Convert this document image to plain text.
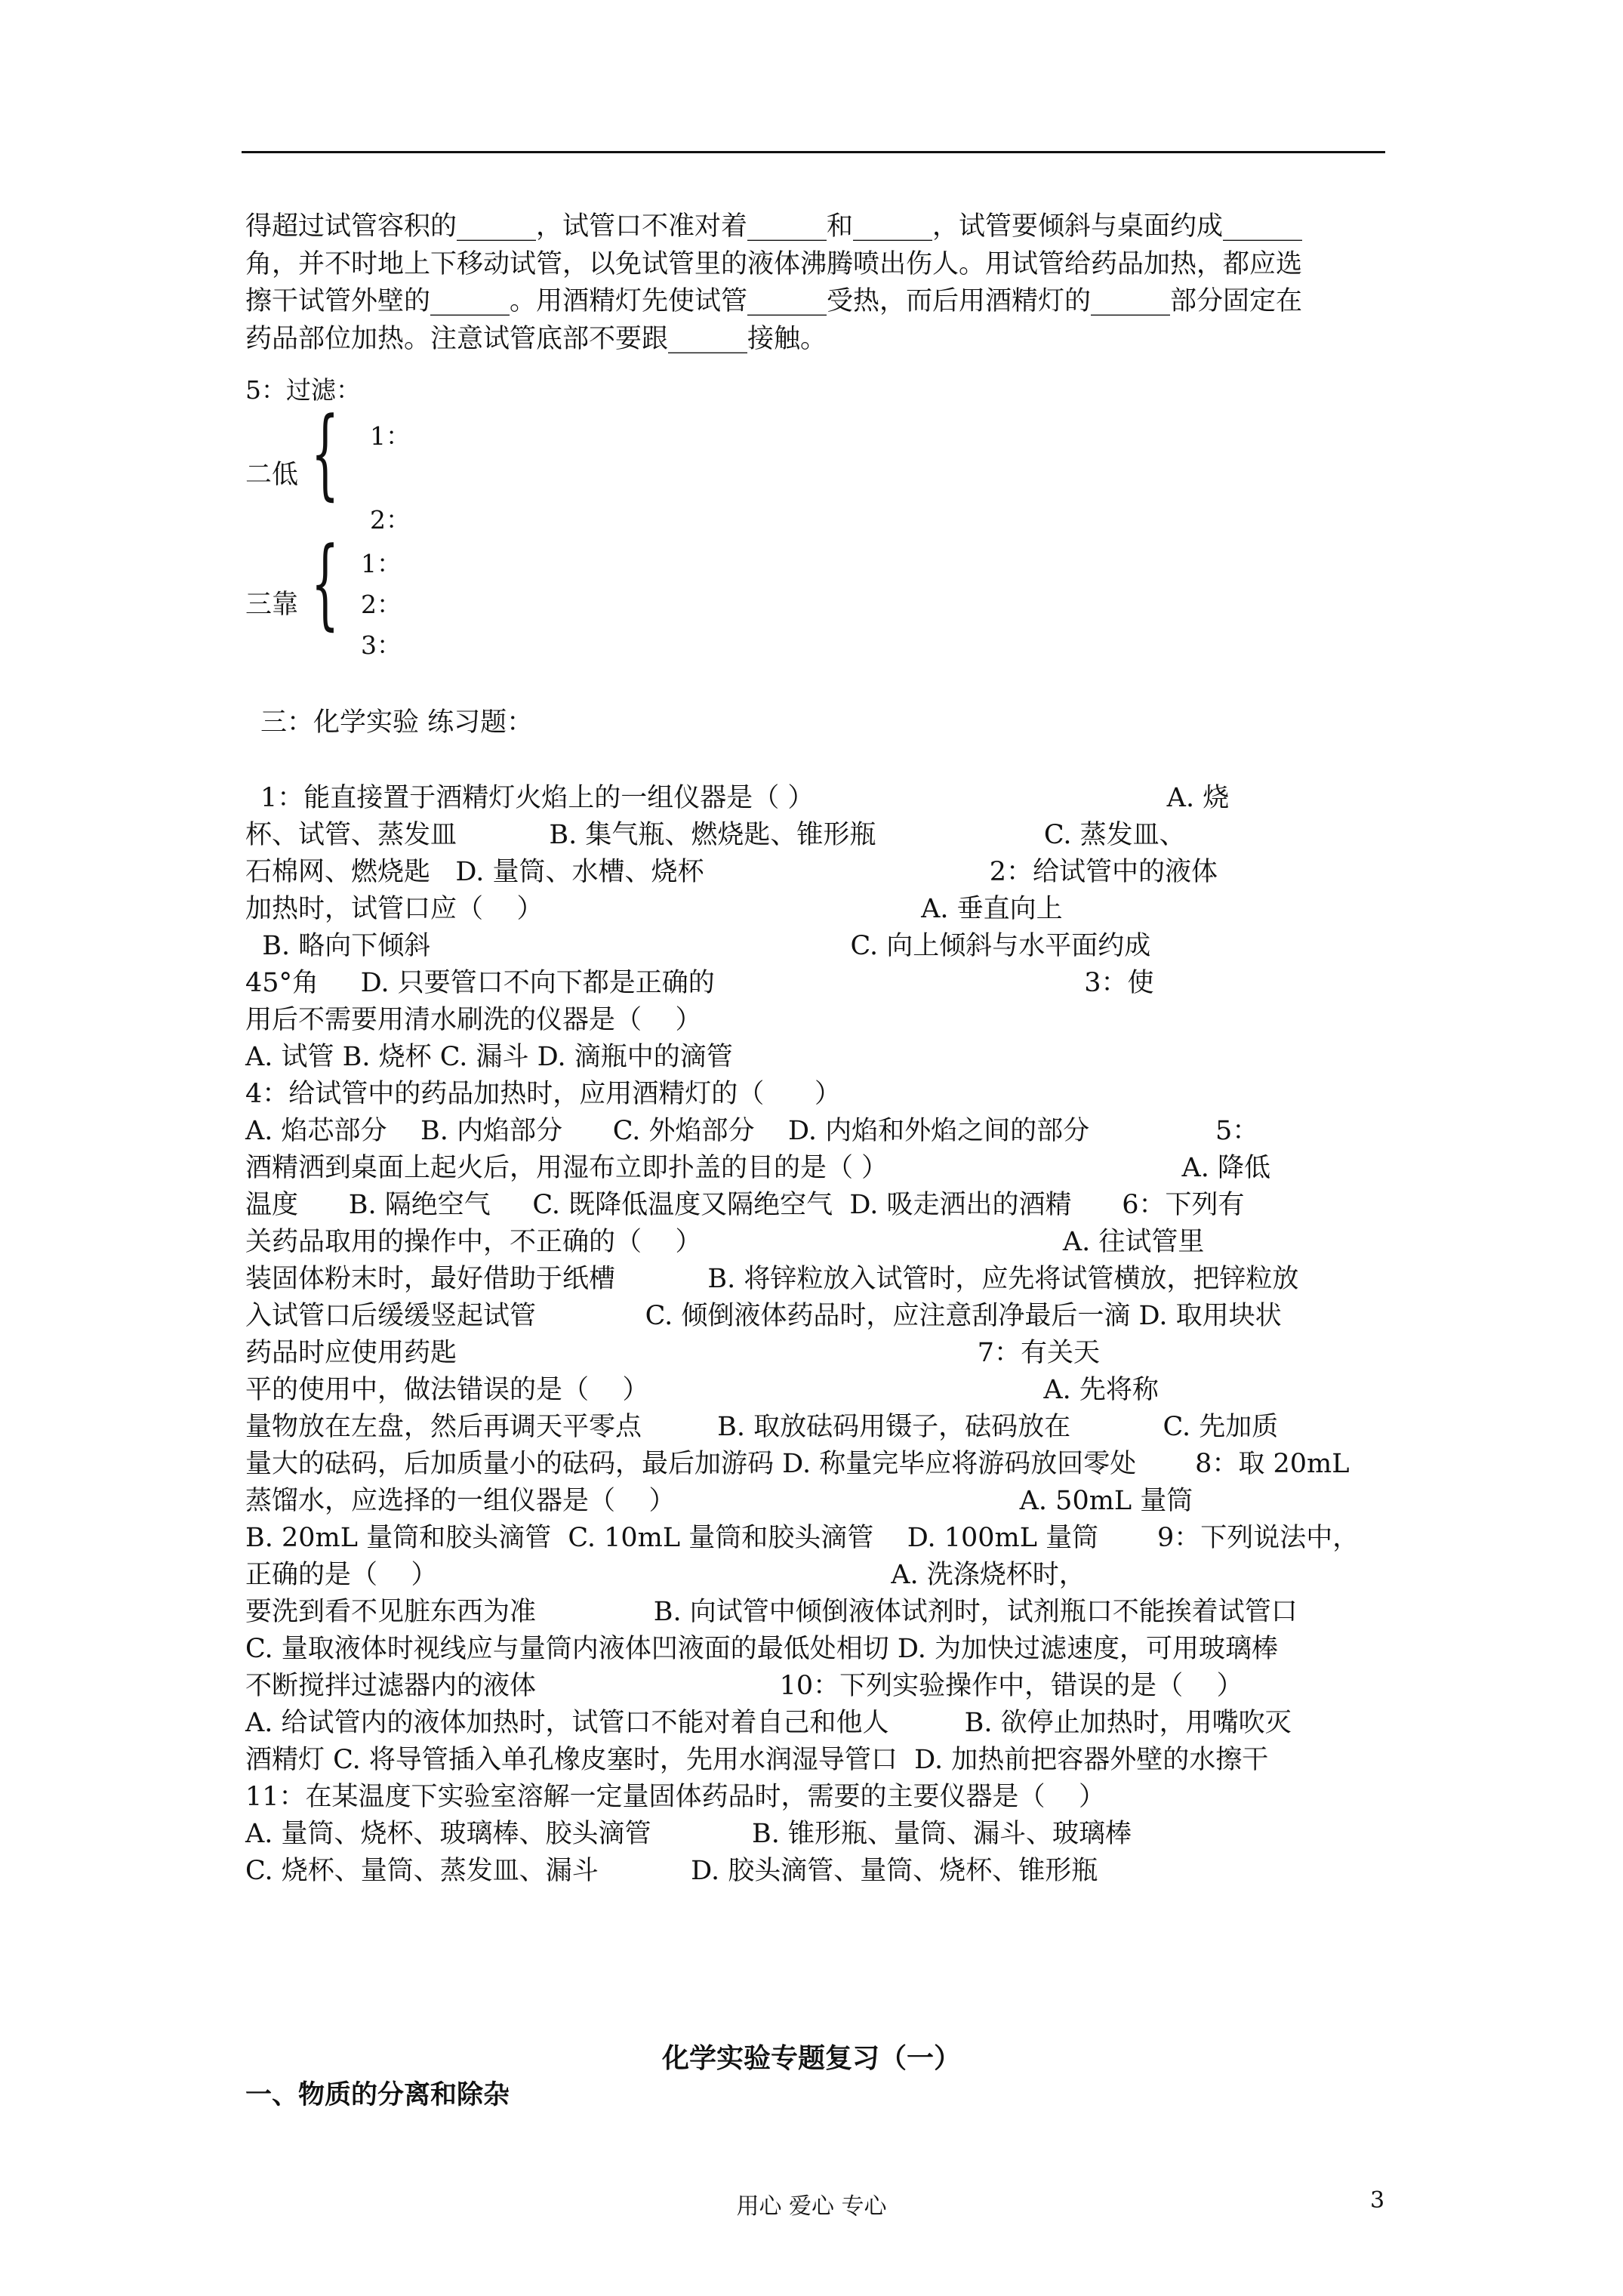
得超过试管容积的______，试管口不准对着______和______，试管要倾斜与桌面约成______
角，并不时地上下移动试管，以免试管里的液体沸腾喷出伤人。用试管给药品加热，都应选
擦干试管外壁的______。用酒精灯先使试管______受热，而后用酒精灯的______部分固定在
药品部位加热。注意试管底部不要跟______接触。
5：过滤：
二低 { 1：
2：
三靠 { 1：
2：
3：
三：化学实验 练习题：
1：能直接置于酒精灯火焰上的一组仪器是（ ）                                          A. 烧
杯、试管、蒸发皿           B. 集气瓶、燃烧匙、锥形瓶                    C. 蒸发皿、
石棉网、燃烧匙   D. 量筒、水槽、烧杯                                  2：给试管中的液体
加热时，试管口应（    ）                                             A. 垂直向上
B. 略向下倾斜                                                  C. 向上倾斜与水平面约成
45°角     D. 只要管口不向下都是正确的                                            3：使
用后不需要用清水刷洗的仪器是（    ）
A. 试管 B. 烧杯 C. 漏斗 D. 滴瓶中的滴管
4：给试管中的药品加热时，应用酒精灯的（      ）
A. 焰芯部分    B. 内焰部分      C. 外焰部分    D. 内焰和外焰之间的部分               5：
酒精洒到桌面上起火后，用湿布立即扑盖的目的是（ ）                                   A. 降低
温度      B. 隔绝空气     C. 既降低温度又隔绝空气  D. 吸走洒出的酒精      6：下列有
关药品取用的操作中，不正确的（    ）                                           A. 往试管里
装固体粉末时，最好借助于纸槽           B. 将锌粒放入试管时，应先将试管横放，把锌粒放
入试管口后缓缓竖起试管             C. 倾倒液体药品时，应注意刮净最后一滴 D. 取用块状
药品时应使用药匙                                                              7：有关天
平的使用中，做法错误的是（    ）                                               A. 先将称
量物放在左盘，然后再调天平零点         B. 取放砝码用镊子，砝码放在           C. 先加质
量大的砝码，后加质量小的砝码，最后加游码 D. 称量完毕应将游码放回零处       8：取 20mL
蒸馏水，应选择的一组仪器是（    ）                                         A. 50mL 量筒
B. 20mL 量筒和胶头滴管  C. 10mL 量筒和胶头滴管    D. 100mL 量筒       9：下列说法中，
正确的是（    ）                                                      A. 洗涤烧杯时，
要洗到看不见脏东西为准              B. 向试管中倾倒液体试剂时，试剂瓶口不能挨着试管口
C. 量取液体时视线应与量筒内液体凹液面的最低处相切 D. 为加快过滤速度，可用玻璃棒
不断搅拌过滤器内的液体                             10：下列实验操作中，错误的是（    ）
A. 给试管内的液体加热时，试管口不能对着自己和他人         B. 欲停止加热时，用嘴吹灭
酒精灯 C. 将导管插入单孔橡皮塞时，先用水润湿导管口  D. 加热前把容器外壁的水擦干
11：在某温度下实验室溶解一定量固体药品时，需要的主要仪器是（    ）
A. 量筒、烧杯、玻璃棒、胶头滴管            B. 锥形瓶、量筒、漏斗、玻璃棒
C. 烧杯、量筒、蒸发皿、漏斗           D. 胶头滴管、量筒、烧杯、锥形瓶
化学实验专题复习（一）
一、物质的分离和除杂
用心 爱心 专心	3
